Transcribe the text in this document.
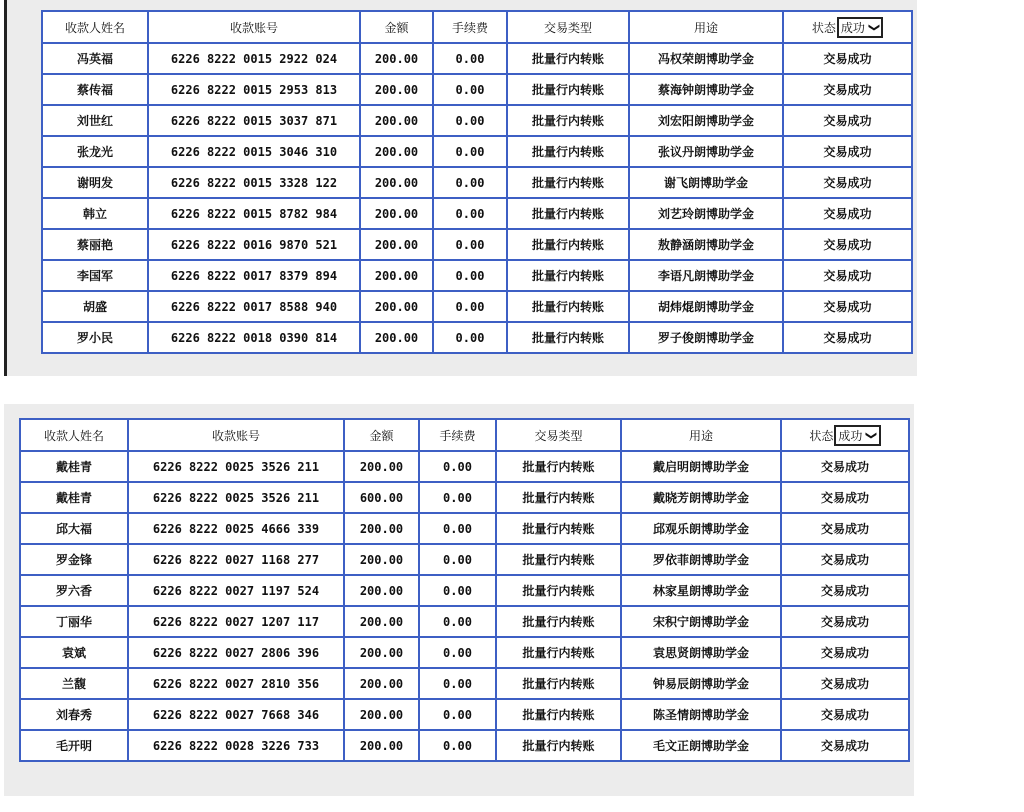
收款人姓名	收款账号	金额	手续费	交易类型	用途	状态 成功 ❯

冯英福	6226 8222 0015 2922 024	200.00	0.00	批量行内转账	冯权荣朗博助学金	交易成功
蔡传福	6226 8222 0015 2953 813	200.00	0.00	批量行内转账	蔡海钟朗博助学金	交易成功
刘世红	6226 8222 0015 3037 871	200.00	0.00	批量行内转账	刘宏阳朗博助学金	交易成功
张龙光	6226 8222 0015 3046 310	200.00	0.00	批量行内转账	张议丹朗博助学金	交易成功
谢明发	6226 8222 0015 3328 122	200.00	0.00	批量行内转账	谢飞朗博助学金	交易成功
韩立	6226 8222 0015 8782 984	200.00	0.00	批量行内转账	刘艺玲朗博助学金	交易成功
蔡丽艳	6226 8222 0016 9870 521	200.00	0.00	批量行内转账	敖静涵朗博助学金	交易成功
李国军	6226 8222 0017 8379 894	200.00	0.00	批量行内转账	李语凡朗博助学金	交易成功
胡盛	6226 8222 0017 8588 940	200.00	0.00	批量行内转账	胡炜焜朗博助学金	交易成功
罗小民	6226 8222 0018 0390 814	200.00	0.00	批量行内转账	罗子俊朗博助学金	交易成功
收款人姓名	收款账号	金额	手续费	交易类型	用途	状态 成功 ❯

戴桂青	6226 8222 0025 3526 211	200.00	0.00	批量行内转账	戴启明朗博助学金	交易成功
戴桂青	6226 8222 0025 3526 211	600.00	0.00	批量行内转账	戴晓芳朗博助学金	交易成功
邱大福	6226 8222 0025 4666 339	200.00	0.00	批量行内转账	邱观乐朗博助学金	交易成功
罗金锋	6226 8222 0027 1168 277	200.00	0.00	批量行内转账	罗依菲朗博助学金	交易成功
罗六香	6226 8222 0027 1197 524	200.00	0.00	批量行内转账	林家星朗博助学金	交易成功
丁丽华	6226 8222 0027 1207 117	200.00	0.00	批量行内转账	宋积宁朗博助学金	交易成功
袁斌	6226 8222 0027 2806 396	200.00	0.00	批量行内转账	袁思贤朗博助学金	交易成功
兰馥	6226 8222 0027 2810 356	200.00	0.00	批量行内转账	钟易辰朗博助学金	交易成功
刘春秀	6226 8222 0027 7668 346	200.00	0.00	批量行内转账	陈圣情朗博助学金	交易成功
毛开明	6226 8222 0028 3226 733	200.00	0.00	批量行内转账	毛文正朗博助学金	交易成功
